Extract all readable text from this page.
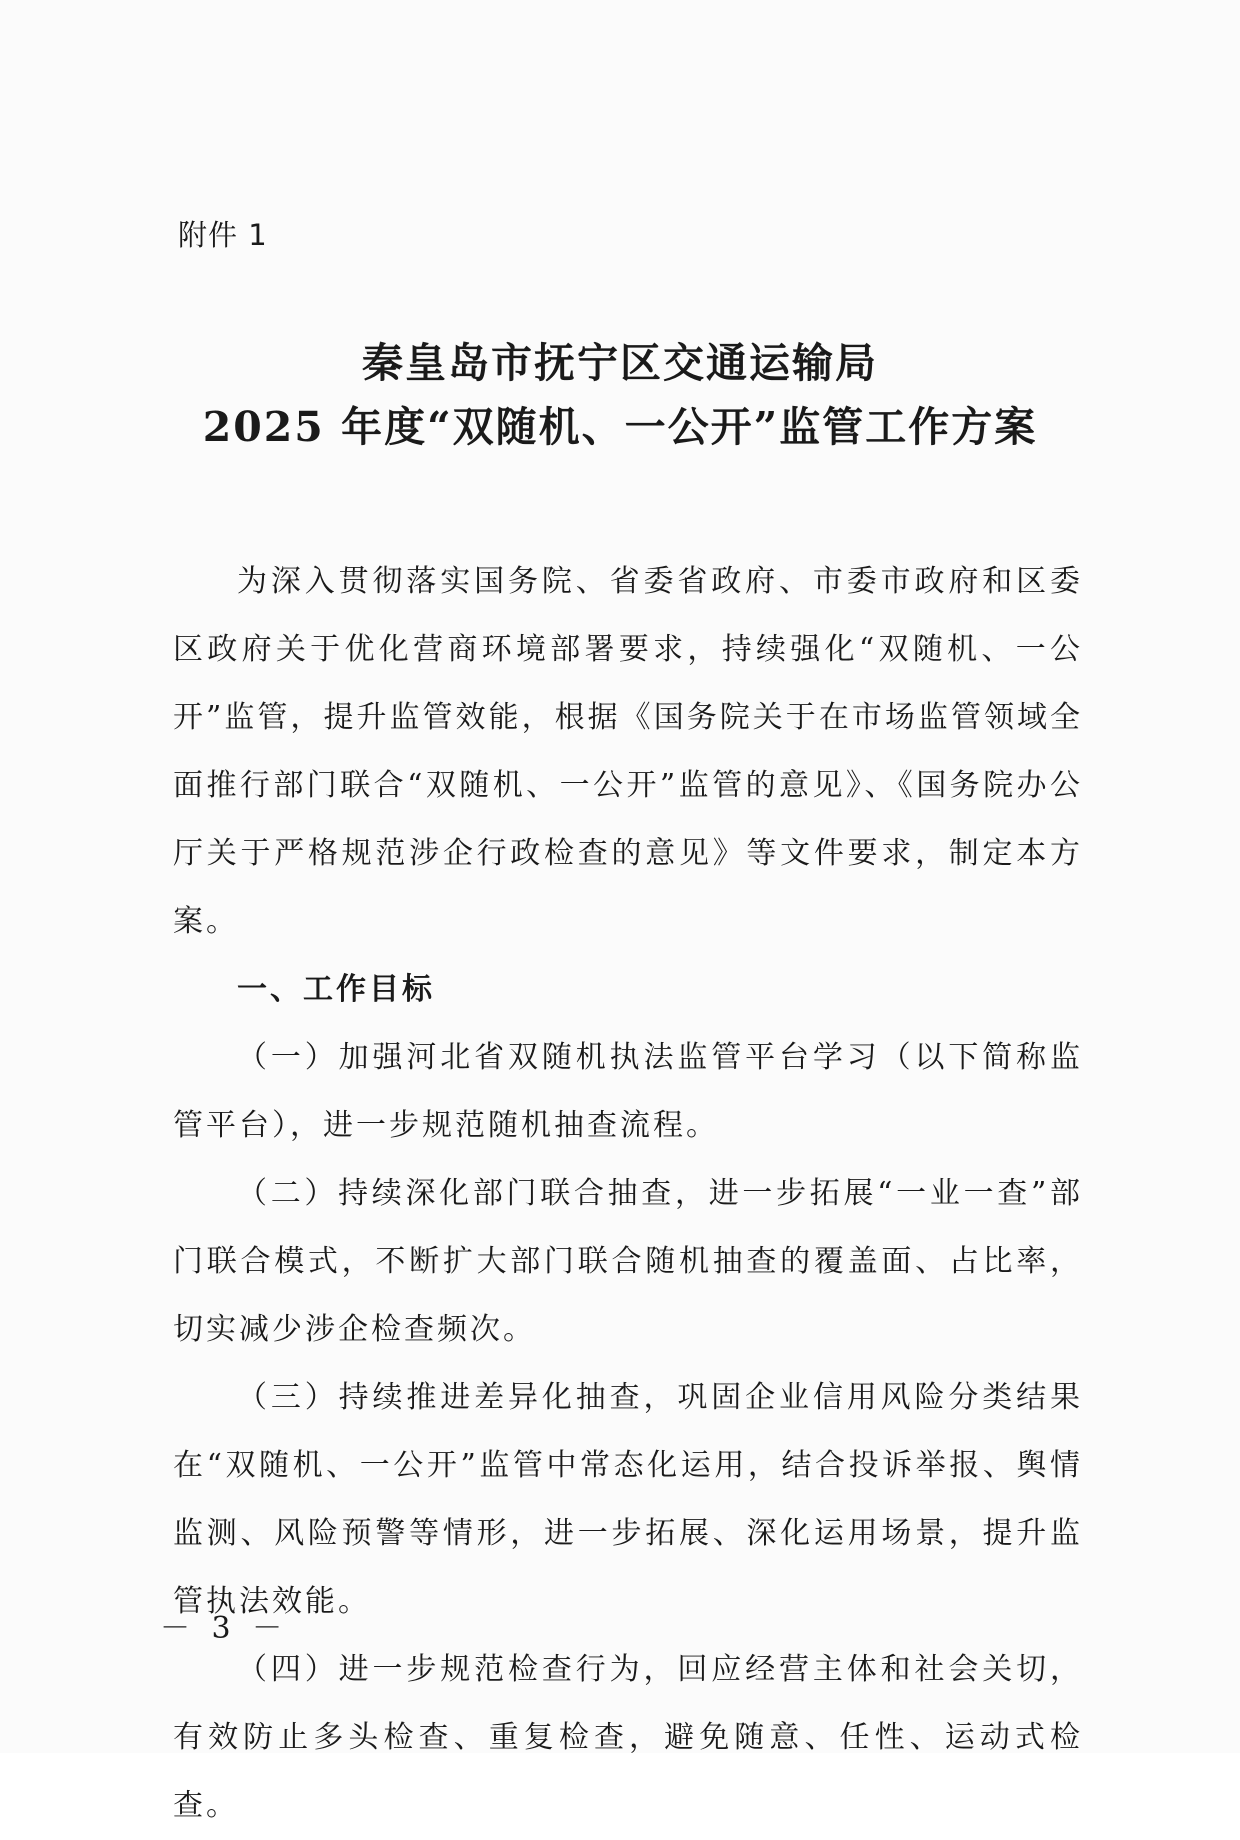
附件 1
秦皇岛市抚宁区交通运输局
2025 年度“双随机、一公开”监管工作方案

为深入贯彻落实国务院、省委省政府、市委市政府和区委区政府关于优化营商环境部署要求，持续强化“双随机、一公开”监管，提升监管效能，根据《国务院关于在市场监管领域全面推行部门联合“双随机、一公开”监管的意见》、《国务院办公厅关于严格规范涉企行政检查的意见》等文件要求，制定本方案。

一、工作目标

（一）加强河北省双随机执法监管平台学习（以下简称监管平台），进一步规范随机抽查流程。

（二）持续深化部门联合抽查，进一步拓展“一业一查”部门联合模式，不断扩大部门联合随机抽查的覆盖面、占比率，切实减少涉企检查频次。

（三）持续推进差异化抽查，巩固企业信用风险分类结果在“双随机、一公开”监管中常态化运用，结合投诉举报、舆情监测、风险预警等情形，进一步拓展、深化运用场景，提升监管执法效能。

（四）进一步规范检查行为，回应经营主体和社会关切，有效防止多头检查、重复检查，避免随意、任性、运动式检查。

－ 3 －
